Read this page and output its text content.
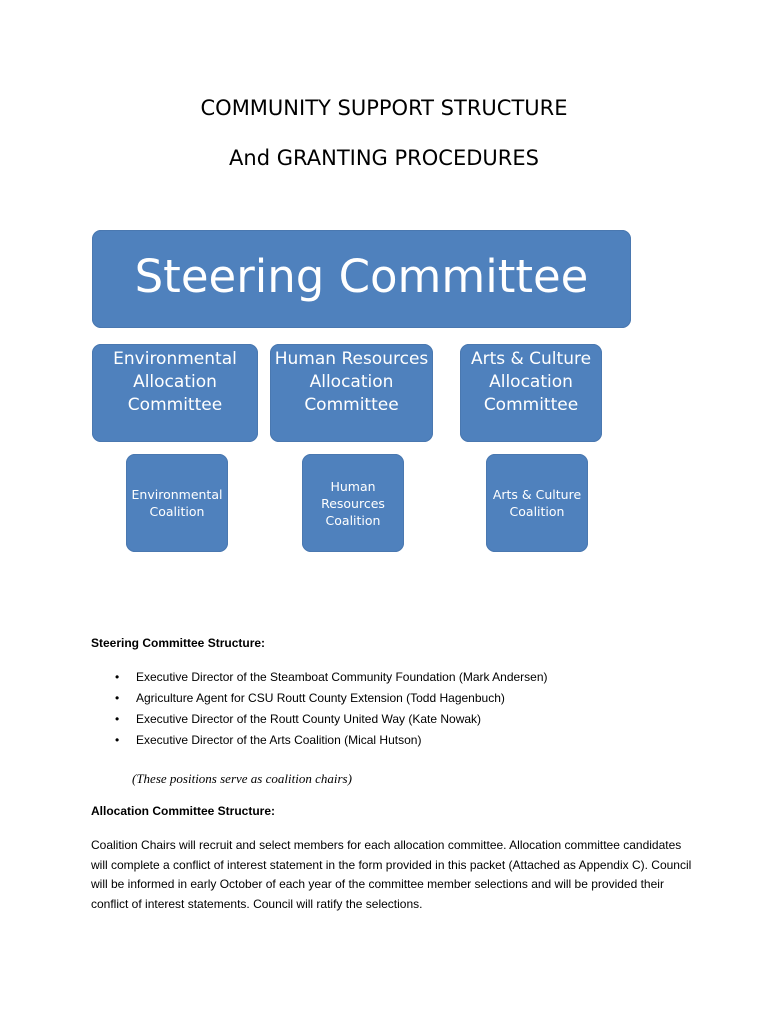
COMMUNITY SUPPORT STRUCTURE
And GRANTING PROCEDURES
Steering Committee
Environmental
Allocation
Committee
Human Resources
Allocation
Committee
Arts & Culture
Allocation
Committee
Environmental
Coalition
Human
Resources
Coalition
Arts & Culture
Coalition
Steering Committee Structure:
• Executive Director of the Steamboat Community Foundation (Mark Andersen)
• Agriculture Agent for CSU Routt County Extension (Todd Hagenbuch)
• Executive Director of the Routt County United Way (Kate Nowak)
• Executive Director of the Arts Coalition (Mical Hutson)
(These positions serve as coalition chairs)
Allocation Committee Structure:
Coalition Chairs will recruit and select members for each allocation committee. Allocation committee candidates will complete a conflict of interest statement in the form provided in this packet (Attached as Appendix C). Council will be informed in early October of each year of the committee member selections and will be provided their conflict of interest statements. Council will ratify the selections.
